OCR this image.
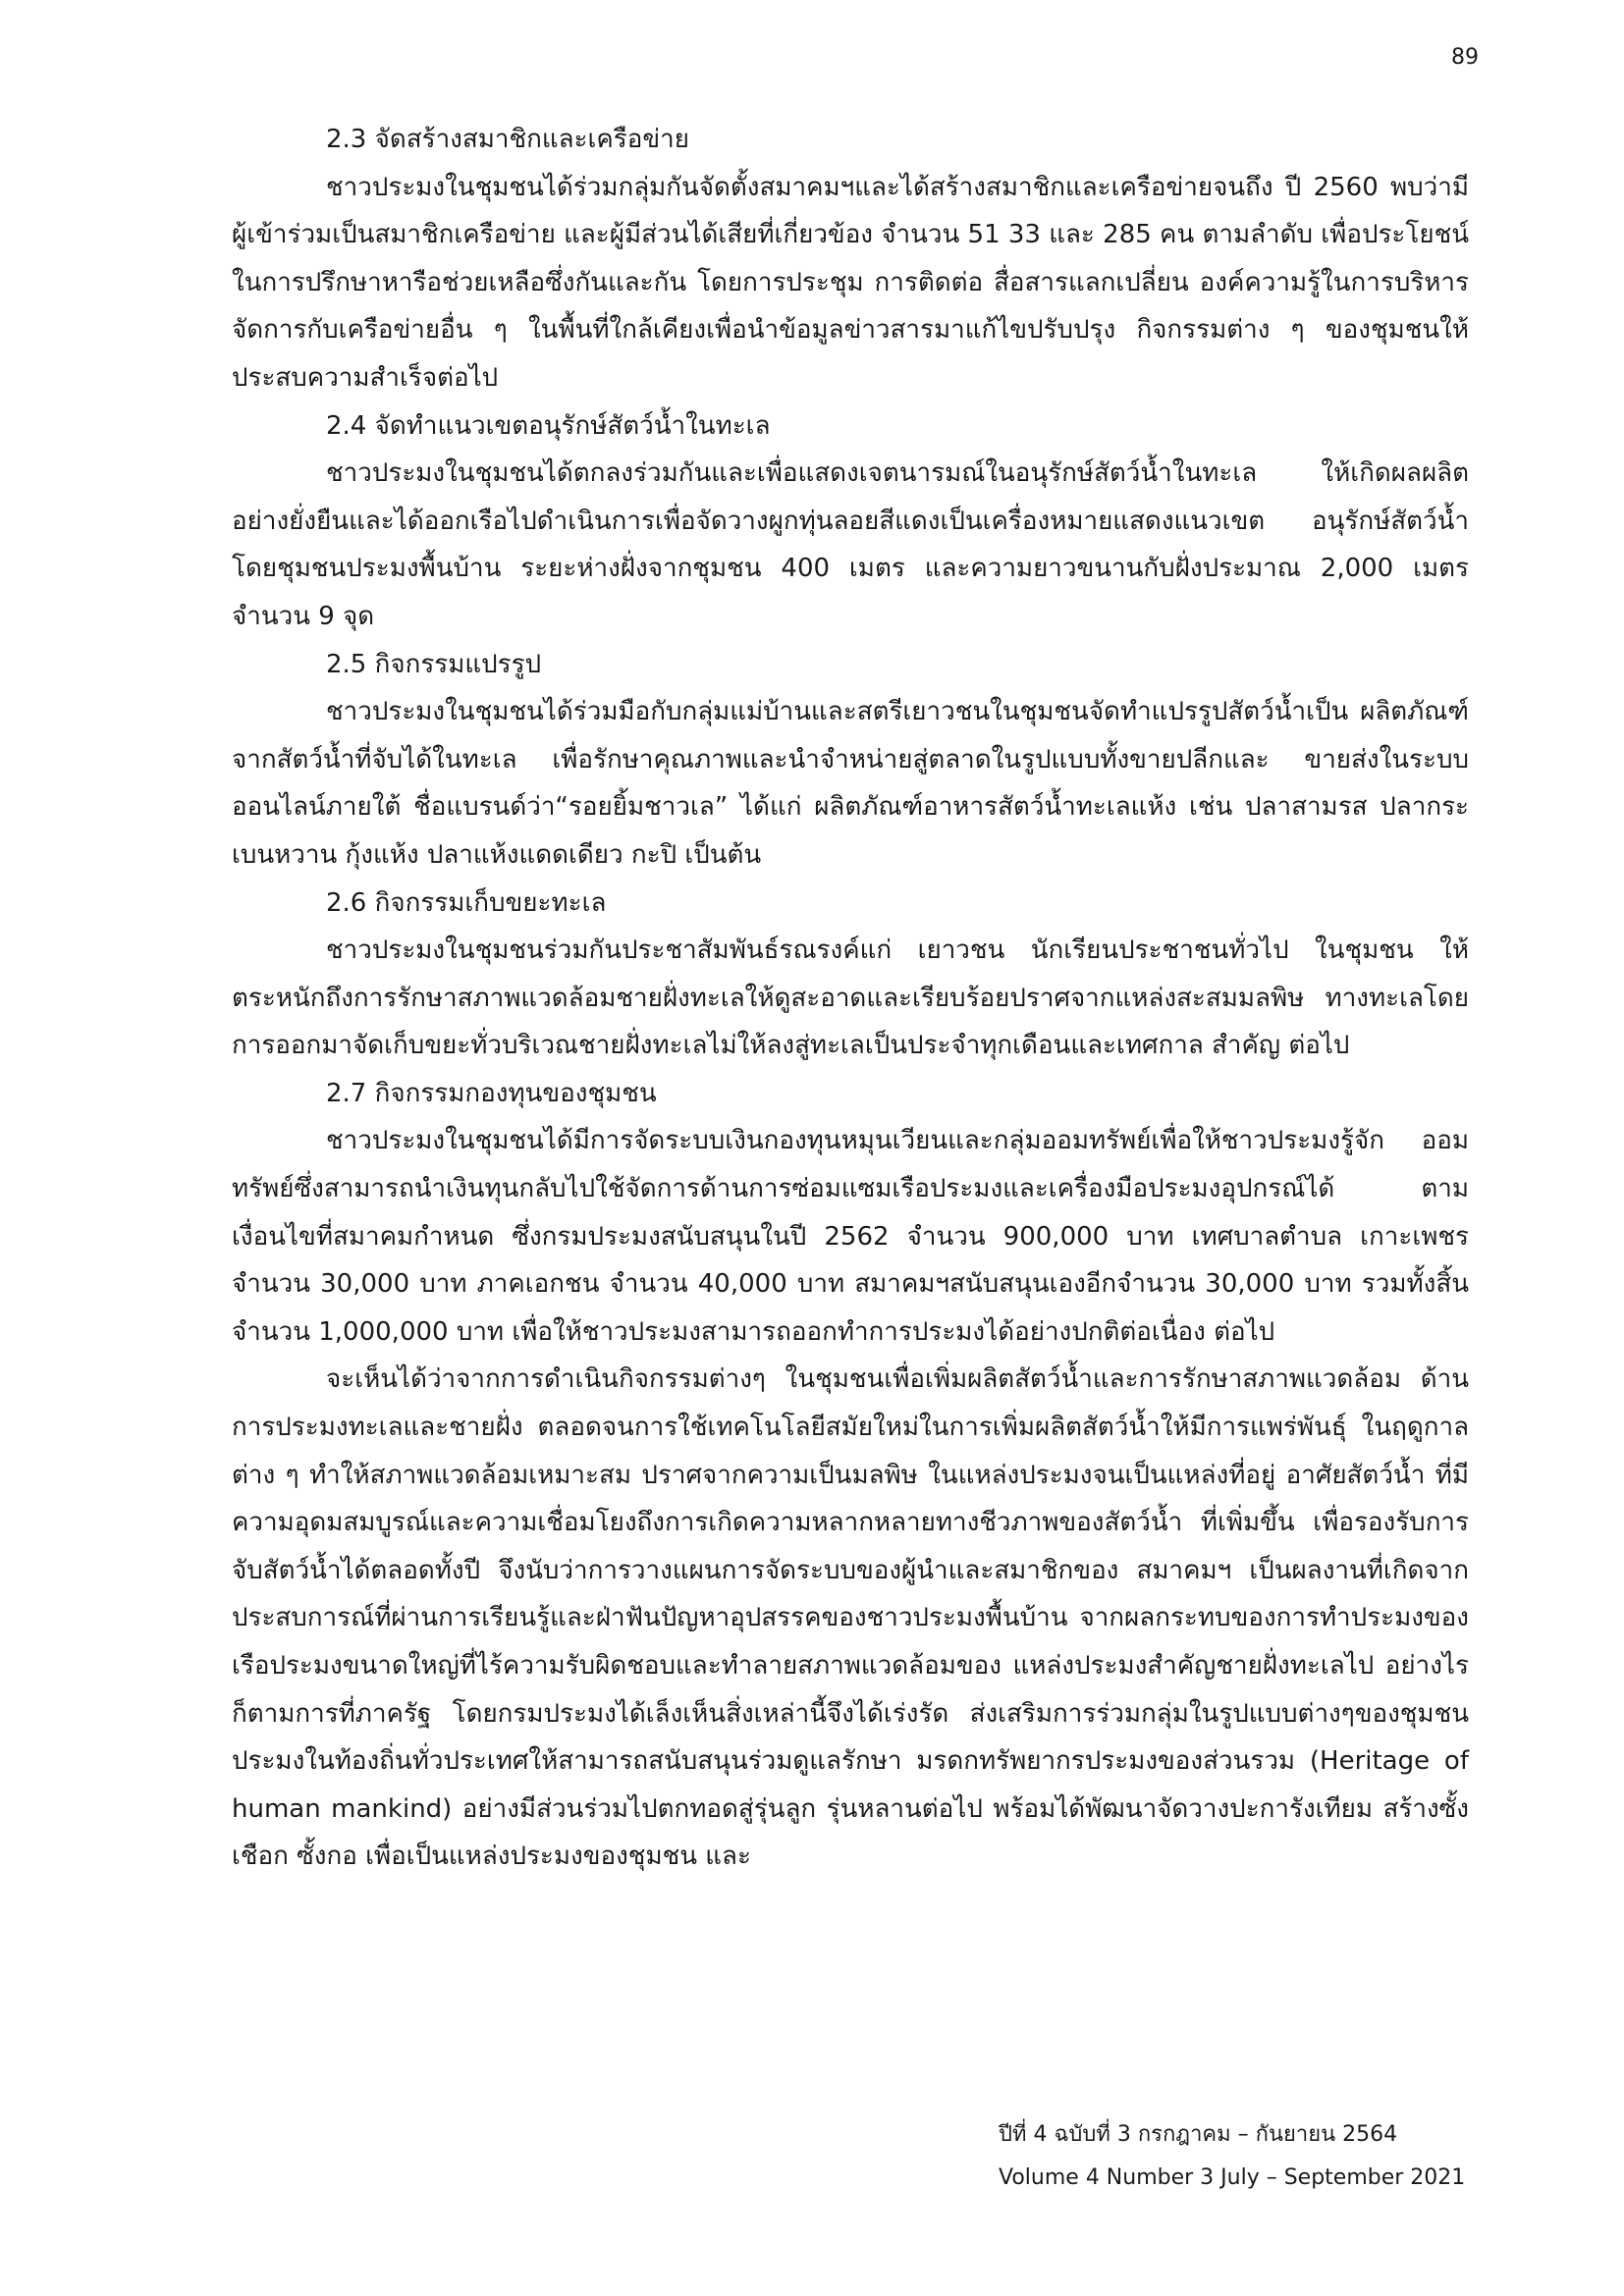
89

2.3 จัดสร้างสมาชิกและเครือข่าย

ชาวประมงในชุมชนได้ร่วมกลุ่มกันจัดตั้งสมาคมฯและได้สร้างสมาชิกและเครือข่ายจนถึง ปี 2560 พบว่ามีผู้เข้าร่วมเป็นสมาชิกเครือข่าย และผู้มีส่วนได้เสียที่เกี่ยวข้อง จำนวน 51 33 และ 285 คน ตามลำดับ เพื่อประโยชน์ในการปรึกษาหารือช่วยเหลือซึ่งกันและกัน โดยการประชุม การติดต่อ สื่อสารแลกเปลี่ยน องค์ความรู้ในการบริหารจัดการกับเครือข่ายอื่น ๆ ในพื้นที่ใกล้เคียงเพื่อนำข้อมูลข่าวสารมาแก้ไขปรับปรุง กิจกรรมต่าง ๆ ของชุมชนให้ประสบความสำเร็จต่อไป

2.4 จัดทำแนวเขตอนุรักษ์สัตว์น้ำในทะเล

ชาวประมงในชุมชนได้ตกลงร่วมกันและเพื่อแสดงเจตนารมณ์ในอนุรักษ์สัตว์น้ำในทะเล ให้เกิดผลผลิตอย่างยั่งยืนและได้ออกเรือไปดำเนินการเพื่อจัดวางผูกทุ่นลอยสีแดงเป็นเครื่องหมายแสดงแนวเขต อนุรักษ์สัตว์น้ำโดยชุมชนประมงพื้นบ้าน ระยะห่างฝั่งจากชุมชน 400 เมตร และความยาวขนานกับฝั่งประมาณ 2,000 เมตร จำนวน 9 จุด

2.5 กิจกรรมแปรรูป

ชาวประมงในชุมชนได้ร่วมมือกับกลุ่มแม่บ้านและสตรีเยาวชนในชุมชนจัดทำแปรรูปสัตว์น้ำเป็น ผลิตภัณฑ์จากสัตว์น้ำที่จับได้ในทะเล เพื่อรักษาคุณภาพและนำจำหน่ายสู่ตลาดในรูปแบบทั้งขายปลีกและ ขายส่งในระบบออนไลน์ภายใต้ ชื่อแบรนด์ว่า“รอยยิ้มชาวเล” ได้แก่ ผลิตภัณฑ์อาหารสัตว์น้ำทะเลแห้ง เช่น ปลาสามรส ปลากระเบนหวาน กุ้งแห้ง ปลาแห้งแดดเดียว กะปิ เป็นต้น

2.6 กิจกรรมเก็บขยะทะเล

ชาวประมงในชุมชนร่วมกันประชาสัมพันธ์รณรงค์แก่ เยาวชน นักเรียนประชาชนทั่วไป ในชุมชน ให้ตระหนักถึงการรักษาสภาพแวดล้อมชายฝั่งทะเลให้ดูสะอาดและเรียบร้อยปราศจากแหล่งสะสมมลพิษ ทางทะเลโดยการออกมาจัดเก็บขยะทั่วบริเวณชายฝั่งทะเลไม่ให้ลงสู่ทะเลเป็นประจำทุกเดือนและเทศกาล สำคัญ ต่อไป

2.7 กิจกรรมกองทุนของชุมชน

ชาวประมงในชุมชนได้มีการจัดระบบเงินกองทุนหมุนเวียนและกลุ่มออมทรัพย์เพื่อให้ชาวประมงรู้จัก ออมทรัพย์ซึ่งสามารถนำเงินทุนกลับไปใช้จัดการด้านการซ่อมแซมเรือประมงและเครื่องมือประมงอุปกรณ์ได้ ตามเงื่อนไขที่สมาคมกำหนด ซึ่งกรมประมงสนับสนุนในปี 2562 จำนวน 900,000 บาท เทศบาลตำบล เกาะเพชร จำนวน 30,000 บาท ภาคเอกชน จำนวน 40,000 บาท สมาคมฯสนับสนุนเองอีกจำนวน 30,000 บาท รวมทั้งสิ้นจำนวน 1,000,000 บาท เพื่อให้ชาวประมงสามารถออกทำการประมงได้อย่างปกติต่อเนื่อง ต่อไป

จะเห็นได้ว่าจากการดำเนินกิจกรรมต่างๆ ในชุมชนเพื่อเพิ่มผลิตสัตว์น้ำและการรักษาสภาพแวดล้อม ด้านการประมงทะเลและชายฝั่ง ตลอดจนการใช้เทคโนโลยีสมัยใหม่ในการเพิ่มผลิตสัตว์น้ำให้มีการแพร่พันธุ์ ในฤดูกาลต่าง ๆ ทำให้สภาพแวดล้อมเหมาะสม ปราศจากความเป็นมลพิษ ในแหล่งประมงจนเป็นแหล่งที่อยู่ อาศัยสัตว์น้ำ ที่มีความอุดมสมบูรณ์และความเชื่อมโยงถึงการเกิดความหลากหลายทางชีวภาพของสัตว์น้ำ ที่เพิ่มขึ้น เพื่อรองรับการจับสัตว์น้ำได้ตลอดทั้งปี จึงนับว่าการวางแผนการจัดระบบของผู้นำและสมาชิกของ สมาคมฯ เป็นผลงานที่เกิดจากประสบการณ์ที่ผ่านการเรียนรู้และฝ่าฟันปัญหาอุปสรรคของชาวประมงพื้นบ้าน จากผลกระทบของการทำประมงของเรือประมงขนาดใหญ่ที่ไร้ความรับผิดชอบและทำลายสภาพแวดล้อมของ แหล่งประมงสำคัญชายฝั่งทะเลไป อย่างไรก็ตามการที่ภาครัฐ โดยกรมประมงได้เล็งเห็นสิ่งเหล่านี้จึงได้เร่งรัด ส่งเสริมการร่วมกลุ่มในรูปแบบต่างๆของชุมชนประมงในท้องถิ่นทั่วประเทศให้สามารถสนับสนุนร่วมดูแลรักษา มรดกทรัพยากรประมงของส่วนรวม (Heritage of human mankind) อย่างมีส่วนร่วมไปตกทอดสู่รุ่นลูก รุ่นหลานต่อไป พร้อมได้พัฒนาจัดวางปะการังเทียม สร้างซั้งเชือก ซั้งกอ เพื่อเป็นแหล่งประมงของชุมชน และ

ปีที่ 4 ฉบับที่ 3 กรกฎาคม – กันยายน 2564
Volume 4 Number 3 July – September 2021
